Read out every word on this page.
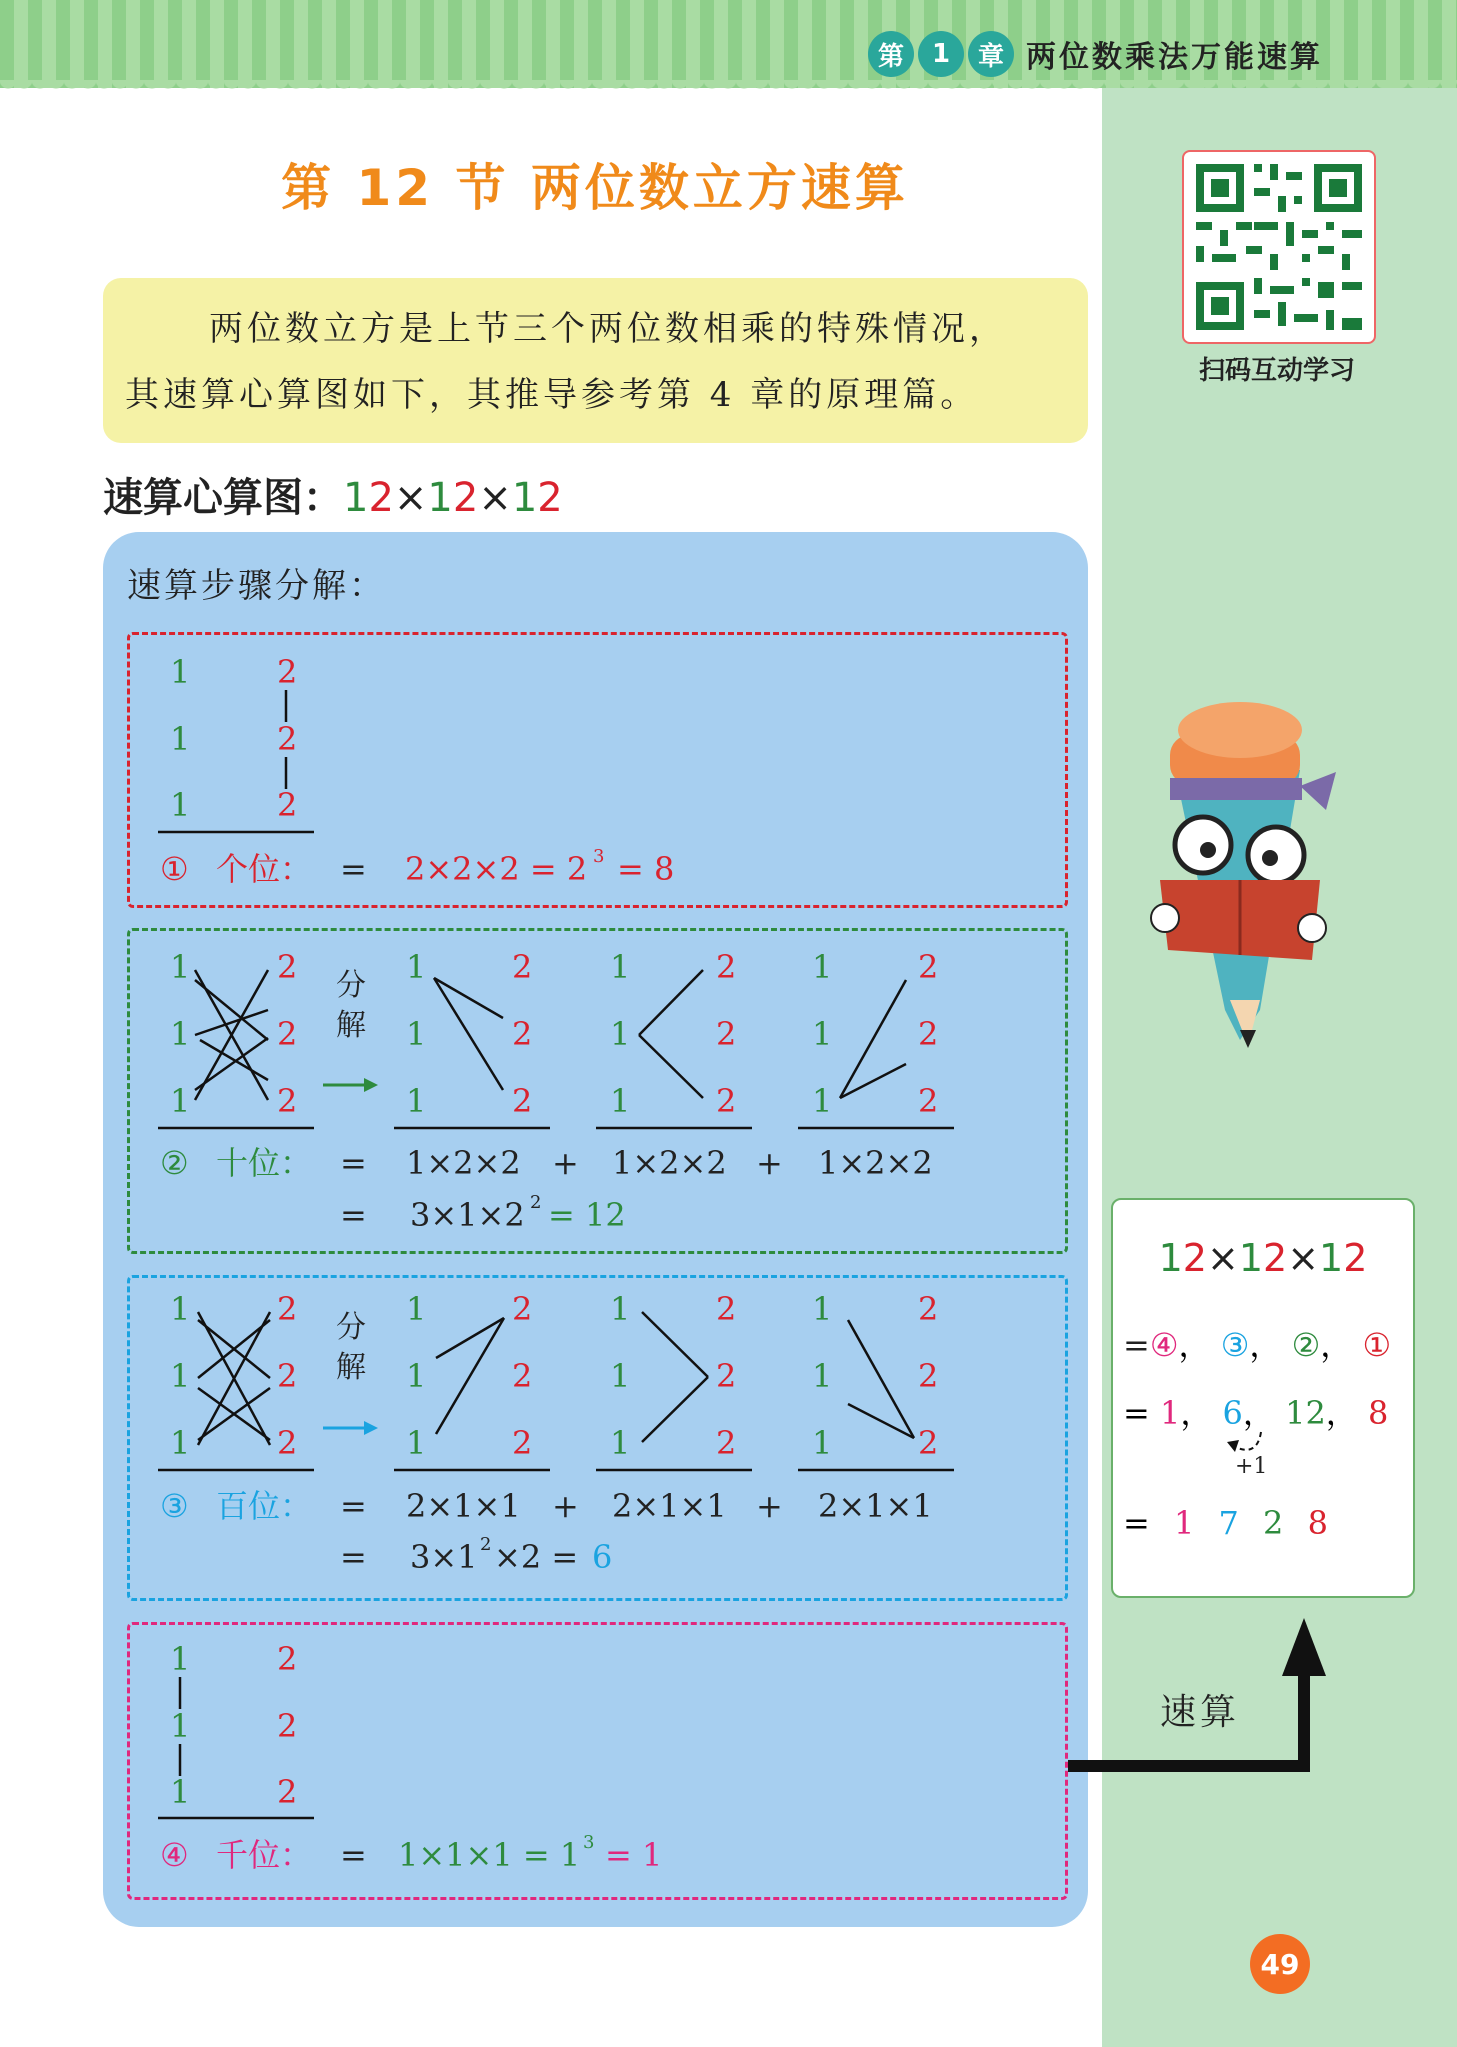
第	1	章 两位数乘法万能速算
第 12 节 两位数立方速算
扫码互动学习
两位数立方是上节三个两位数相乘的特殊情况，
其速算心算图如下，其推导参考第 4 章的原理篇。
速算心算图：12×12×12
速算步骤分解：
1
1
1
2
2
2
① 个位： = 2×2×2 = 2 3 = 8
1
1
1
2
2
2
分
解
1
1
1
2
2
2
1
1
1
2
2
2
1
1
1
2
2
2
② 十位： = 1×2×2 + 1×2×2 + 1×2×2
= 3×1×2 2 = 12
1
1
1
2
2
2
分
解
1
1
1
2
2
2
1
1
1
2
2
2
1
1
1
2
2
2
③ 百位： = 2×1×1 + 2×1×1 + 2×1×1
= 3×1 2 ×2 = 6
1
1
1
2
2
2
④ 千位： = 1×1×1 = 1 3 = 1
12×12×12
=④， ③， ②， ①
= 1， 6， 12， 8
+1
= 1 7 2 8
速算
49
